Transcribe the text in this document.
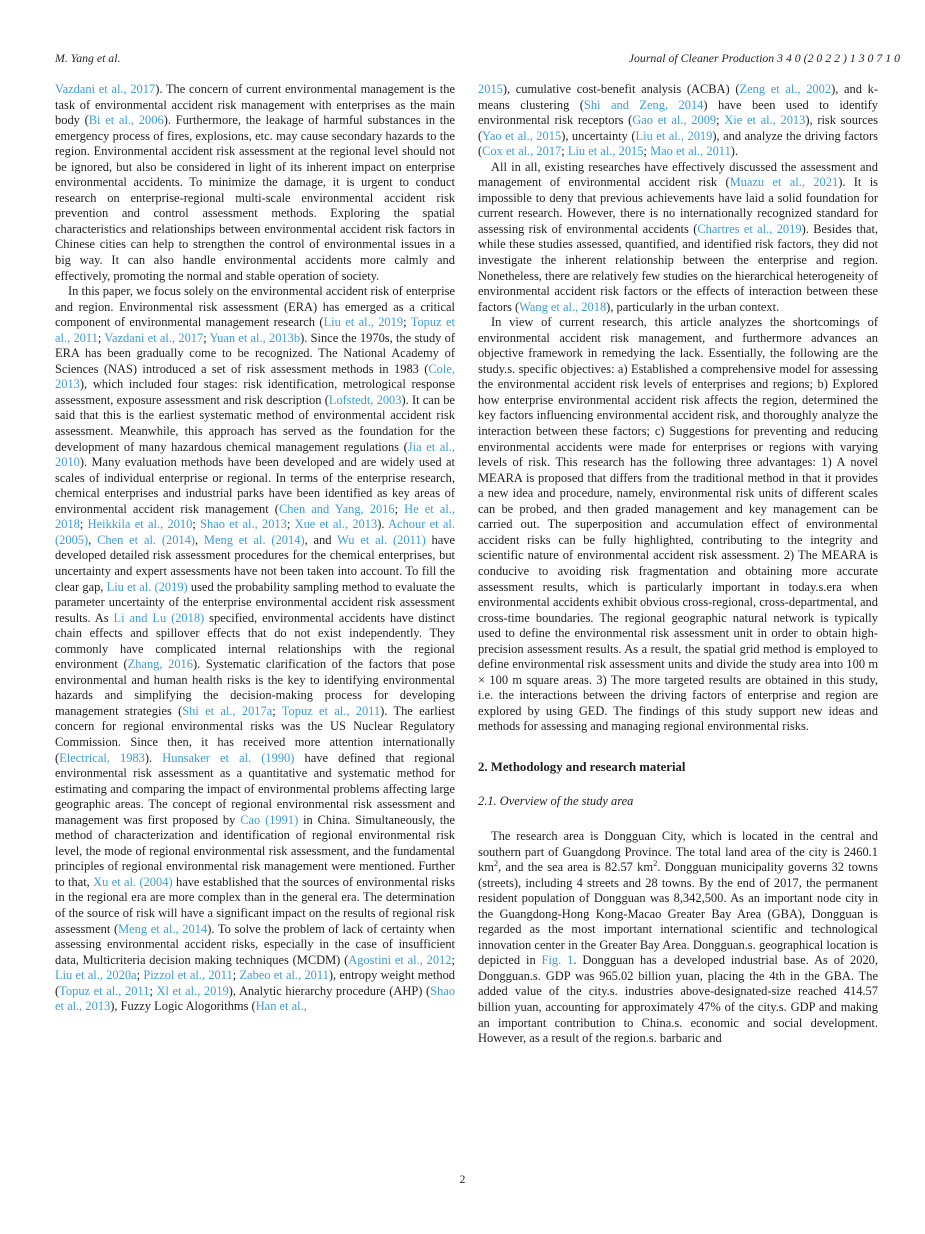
M. Yang et al.	Journal of Cleaner Production 3 4 0 (2 0 2 2 ) 1 3 0 7 1 0

Vazdani et al., 2017). The concern of current environmental management is the task of environmental accident risk management with enterprises as the main body (Bi et al., 2006). Furthermore, the leakage of harmful substances in the emergency process of fires, explosions, etc. may cause secondary hazards to the region. Environmental accident risk assessment at the regional level should not be ignored, but also be considered in light of its inherent impact on enterprise environmental accidents. To minimize the damage, it is urgent to conduct research on enterprise-regional multi-scale environmental accident risk prevention and control assessment methods. Exploring the spatial characteristics and relationships between environmental accident risk factors in Chinese cities can help to strengthen the control of environmental issues in a big way. It can also handle environmental accidents more calmly and effectively, promoting the normal and stable operation of society.

In this paper, we focus solely on the environmental accident risk of enterprise and region. Environmental risk assessment (ERA) has emerged as a critical component of environmental management research (Liu et al., 2019; Topuz et al., 2011; Vazdani et al., 2017; Yuan et al., 2013b). Since the 1970s, the study of ERA has been gradually come to be recognized. The National Academy of Sciences (NAS) introduced a set of risk assessment methods in 1983 (Cole, 2013), which included four stages: risk identification, metrological response assessment, exposure assessment and risk description (Lofstedt, 2003). It can be said that this is the earliest systematic method of environmental accident risk assessment. Meanwhile, this approach has served as the foundation for the development of many hazardous chemical management regulations (Jia et al., 2010). Many evaluation methods have been developed and are widely used at scales of individual enterprise or regional. In terms of the enterprise research, chemical enterprises and industrial parks have been identified as key areas of environmental accident risk management (Chen and Yang, 2016; He et al., 2018; Heikkila et al., 2010; Shao et al., 2013; Xue et al., 2013). Achour et al. (2005), Chen et al. (2014), Meng et al. (2014), and Wu et al. (2011) have developed detailed risk assessment procedures for the chemical enterprises, but uncertainty and expert assessments have not been taken into account. To fill the clear gap, Liu et al. (2019) used the probability sampling method to evaluate the parameter uncertainty of the enterprise environmental accident risk assessment results. As Li and Lu (2018) specified, environmental accidents have distinct chain effects and spillover effects that do not exist independently. They commonly have complicated internal relationships with the regional environment (Zhang, 2016). Systematic clarification of the factors that pose environmental and human health risks is the key to identifying environmental hazards and simplifying the decision-making process for developing management strategies (Shi et al., 2017a; Topuz et al., 2011). The earliest concern for regional environmental risks was the US Nuclear Regulatory Commission. Since then, it has received more attention internationally (Electrical, 1983). Hunsaker et al. (1990) have defined that regional environmental risk assessment as a quantitative and systematic method for estimating and comparing the impact of environmental problems affecting large geographic areas. The concept of regional environmental risk assessment and management was first proposed by Cao (1991) in China. Simultaneously, the method of characterization and identification of regional environmental risk level, the mode of regional environmental risk assessment, and the fundamental principles of regional environmental risk management were mentioned. Further to that, Xu et al. (2004) have established that the sources of environmental risks in the regional era are more complex than in the general era. The determination of the source of risk will have a significant impact on the results of regional risk assessment (Meng et al., 2014). To solve the problem of lack of certainty when assessing environmental accident risks, especially in the case of insufficient data, Multicriteria decision making techniques (MCDM) (Agostini et al., 2012; Liu et al., 2020a; Pizzol et al., 2011; Zabeo et al., 2011), entropy weight method (Topuz et al., 2011; Xl et al., 2019), Analytic hierarchy procedure (AHP) (Shao et al., 2013), Fuzzy Logic Alogorithms (Han et al.,

2015), cumulative cost-benefit analysis (ACBA) (Zeng et al., 2002), and k-means clustering (Shi and Zeng, 2014) have been used to identify environmental risk receptors (Gao et al., 2009; Xie et al., 2013), risk sources (Yao et al., 2015), uncertainty (Liu et al., 2019), and analyze the driving factors (Cox et al., 2017; Liu et al., 2015; Mao et al., 2011).

All in all, existing researches have effectively discussed the assessment and management of environmental accident risk (Muazu et al., 2021). It is impossible to deny that previous achievements have laid a solid foundation for current research. However, there is no internationally recognized standard for assessing risk of environmental accidents (Chartres et al., 2019). Besides that, while these studies assessed, quantified, and identified risk factors, they did not investigate the inherent relationship between the enterprise and region. Nonetheless, there are relatively few studies on the hierarchical heterogeneity of environmental accident risk factors or the effects of interaction between these factors (Wang et al., 2018), particularly in the urban context.

In view of current research, this article analyzes the shortcomings of environmental accident risk management, and furthermore advances an objective framework in remedying the lack. Essentially, the following are the study.s. specific objectives: a) Established a comprehensive model for assessing the environmental accident risk levels of enterprises and regions; b) Explored how enterprise environmental accident risk affects the region, determined the key factors influencing environmental accident risk, and thoroughly analyze the interaction between these factors; c) Suggestions for preventing and reducing environmental accidents were made for enterprises or regions with varying levels of risk. This research has the following three advantages: 1) A novel MEARA is proposed that differs from the traditional method in that it provides a new idea and procedure, namely, environmental risk units of different scales can be probed, and then graded management and key management can be carried out. The superposition and accumulation effect of environmental accident risks can be fully highlighted, contributing to the integrity and scientific nature of environmental accident risk assessment. 2) The MEARA is conducive to avoiding risk fragmentation and obtaining more accurate assessment results, which is particularly important in today.s.era when environmental accidents exhibit obvious cross-regional, cross-departmental, and cross-time boundaries. The regional geographic natural network is typically used to define the environmental risk assessment unit in order to obtain high-precision assessment results. As a result, the spatial grid method is employed to define environmental risk assessment units and divide the study area into 100 m × 100 m square areas. 3) The more targeted results are obtained in this study, i.e. the interactions between the driving factors of enterprise and region are explored by using GED. The findings of this study support new ideas and methods for assessing and managing regional environmental risks.

2. Methodology and research material
2.1. Overview of the study area

The research area is Dongguan City, which is located in the central and southern part of Guangdong Province. The total land area of the city is 2460.1 $km^2$, and the sea area is 82.57 $km^2$. Dongguan municipality governs 32 towns (streets), including 4 streets and 28 towns. By the end of 2017, the permanent resident population of Dongguan was 8,342,500. As an important node city in the Guangdong-Hong Kong-Macao Greater Bay Area (GBA), Dongguan is regarded as the most important international scientific and technological innovation center in the Greater Bay Area. Dongguan.s. geographical location is depicted in Fig. 1. Dongguan has a developed industrial base. As of 2020, Dongguan.s. GDP was 965.02 billion yuan, placing the 4th in the GBA. The added value of the city.s. industries above-designated-size reached 414.57 billion yuan, accounting for approximately 47% of the city.s. GDP and making an important contribution to China.s. economic and social development. However, as a result of the region.s. barbaric and

2
